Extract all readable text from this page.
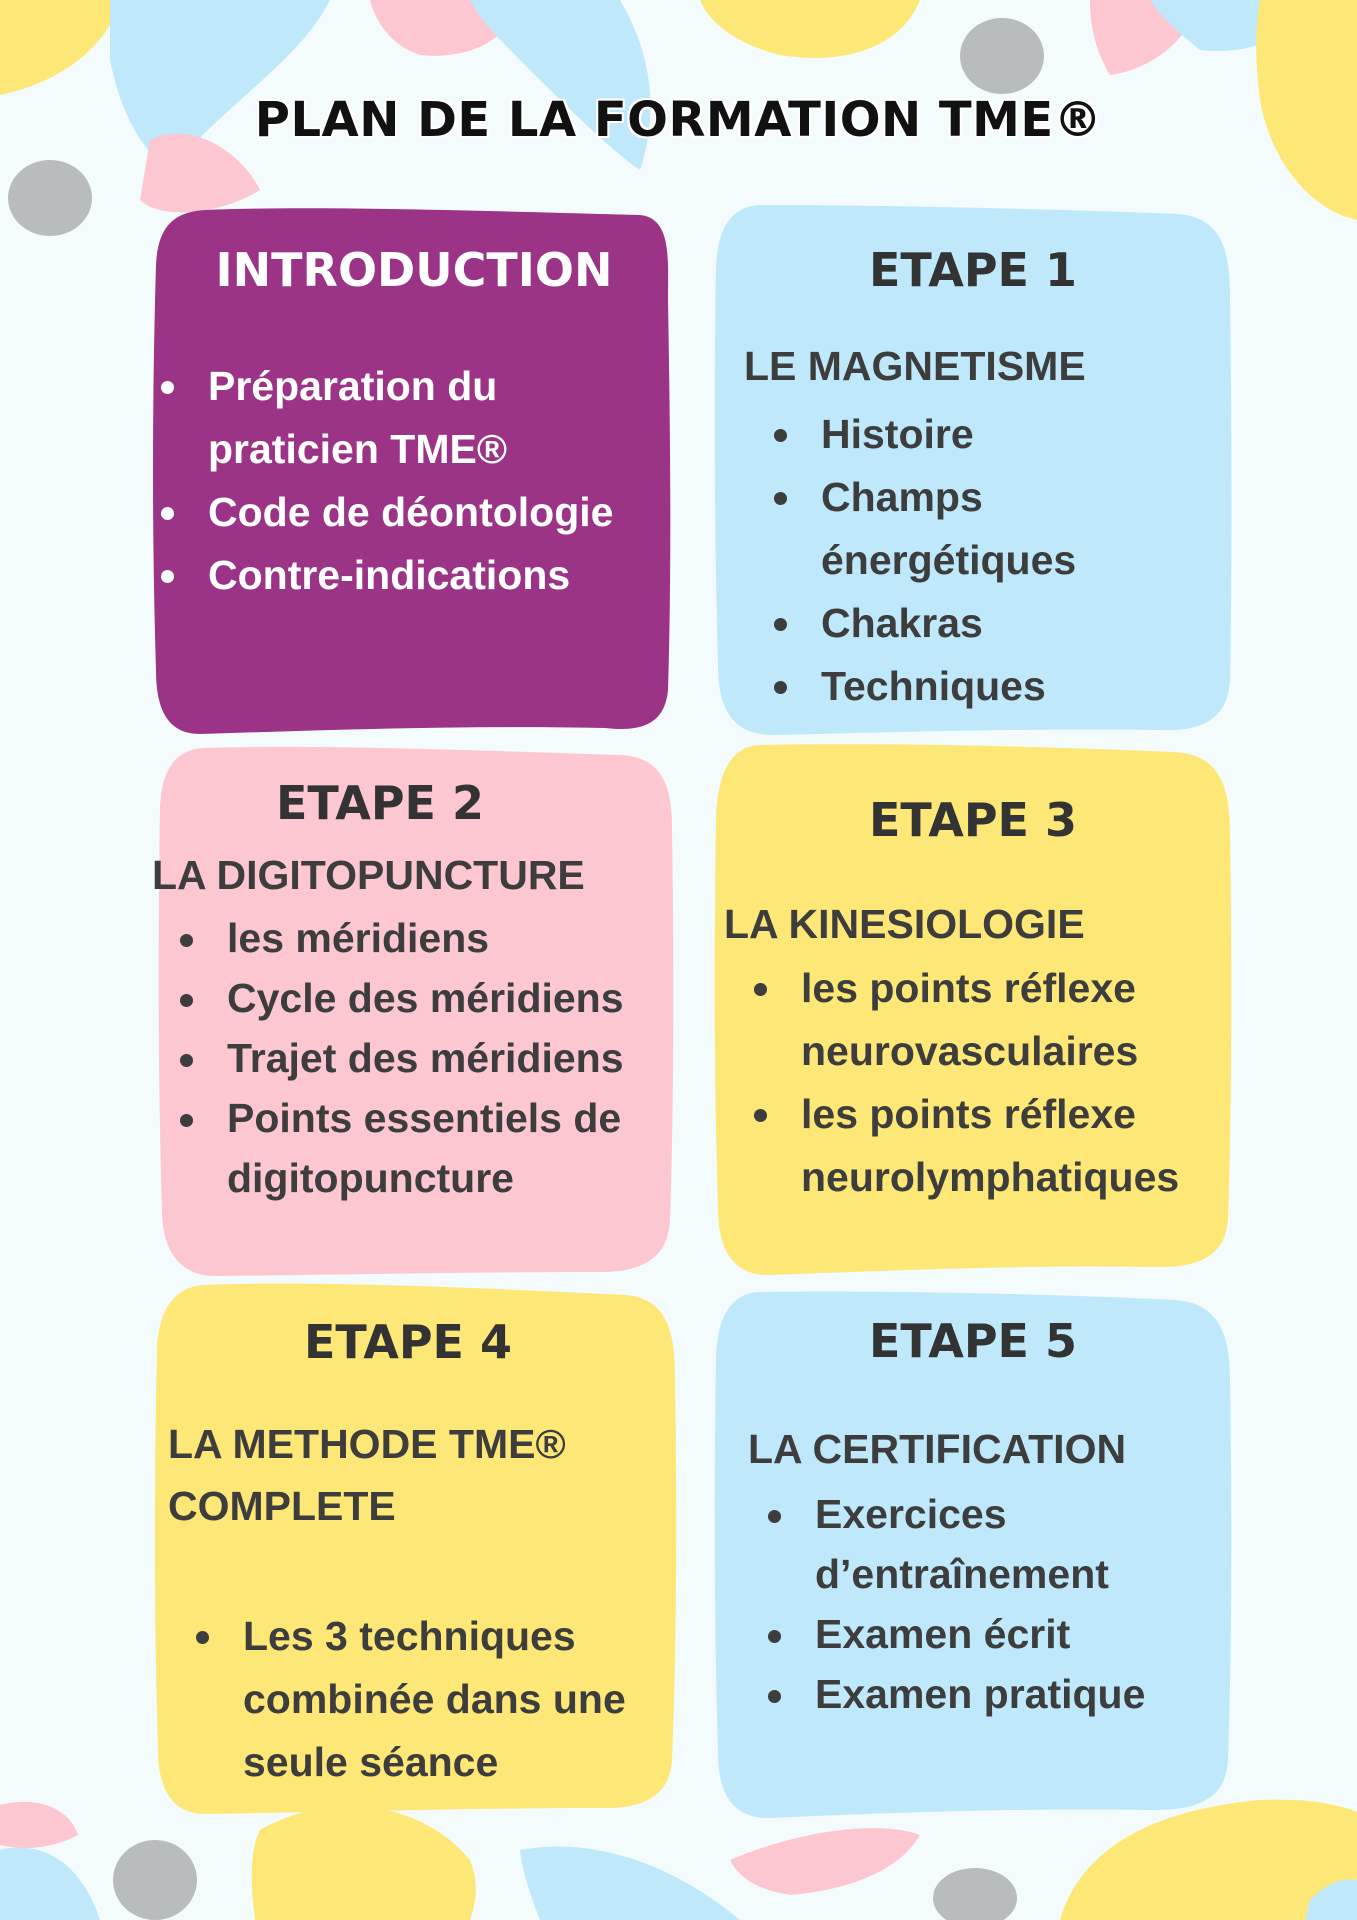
PLAN DE LA FORMATION TME®
INTRODUCTION
Préparation du praticien TME®
Code de déontologie
Contre-indications
ETAPE 1
LE MAGNETISME
Histoire
Champs énergétiques
Chakras
Techniques
ETAPE 2
LA DIGITOPUNCTURE
les méridiens
Cycle des méridiens
Trajet des méridiens
Points essentiels de digitopuncture
ETAPE 3
LA KINESIOLOGIE
les points réflexe neurovasculaires
les points réflexe neurolymphatiques
ETAPE 4
LA METHODE TME®
COMPLETE
Les 3 techniques combinée dans une seule séance
ETAPE 5
LA CERTIFICATION
Exercices d’entraînement
Examen écrit
Examen pratique
